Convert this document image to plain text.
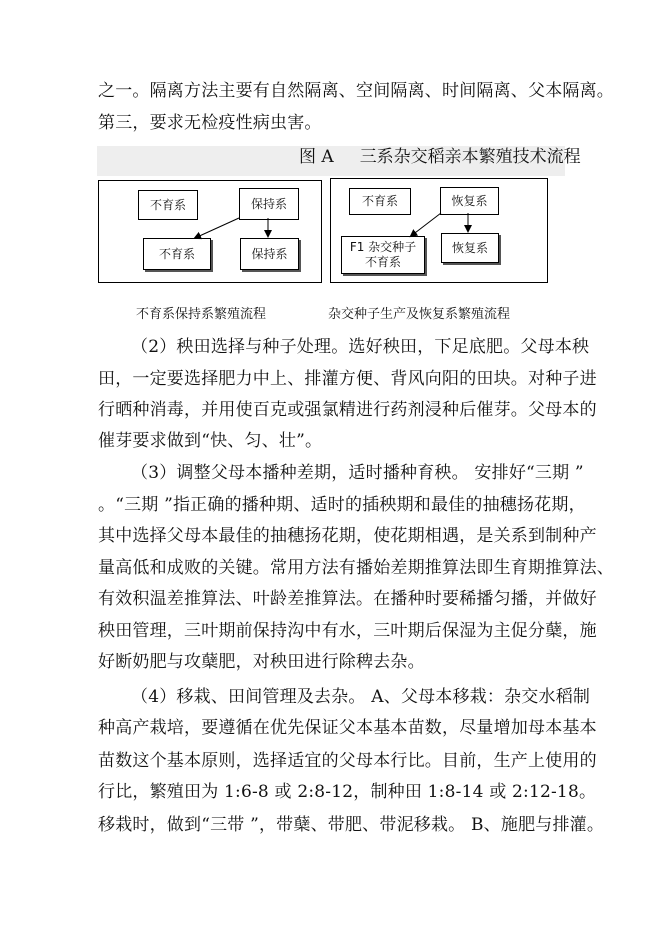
之一。隔离方法主要有自然隔离、空间隔离、时间隔离、父本隔离。
第三，要求无检疫性病虫害。
图 A 三系杂交稻亲本繁殖技术流程
不育系	保持系
不育系	保持系
不育系	恢复系
F1 杂交种子
不育系
恢复系
不育系保持系繁殖流程	杂交种子生产及恢复系繁殖流程
（2）秧田选择与种子处理。选好秧田，下足底肥。父母本秧
田，一定要选择肥力中上、排灌方便、背风向阳的田块。对种子进
行晒种消毒，并用使百克或强氯精进行药剂浸种后催芽。父母本的
催芽要求做到“快、匀、壮”。
（3）调整父母本播种差期，适时播种育秧。 安排好“三期 ”
。“三期 ”指正确的播种期、适时的插秧期和最佳的抽穗扬花期，
其中选择父母本最佳的抽穗扬花期，使花期相遇，是关系到制种产
量高低和成败的关键。常用方法有播始差期推算法即生育期推算法、
有效积温差推算法、叶龄差推算法。在播种时要稀播匀播，并做好
秧田管理，三叶期前保持沟中有水，三叶期后保湿为主促分蘖，施
好断奶肥与攻蘖肥，对秧田进行除稗去杂。
（4）移栽、田间管理及去杂。 A、父母本移栽：杂交水稻制
种高产栽培，要遵循在优先保证父本基本苗数，尽量增加母本基本
苗数这个基本原则，选择适宜的父母本行比。目前，生产上使用的
行比，繁殖田为 1:6-8 或 2:8-12，制种田 1:8-14 或 2:12-18。
移栽时，做到“三带 ”，带蘖、带肥、带泥移栽。 B、施肥与排灌。
